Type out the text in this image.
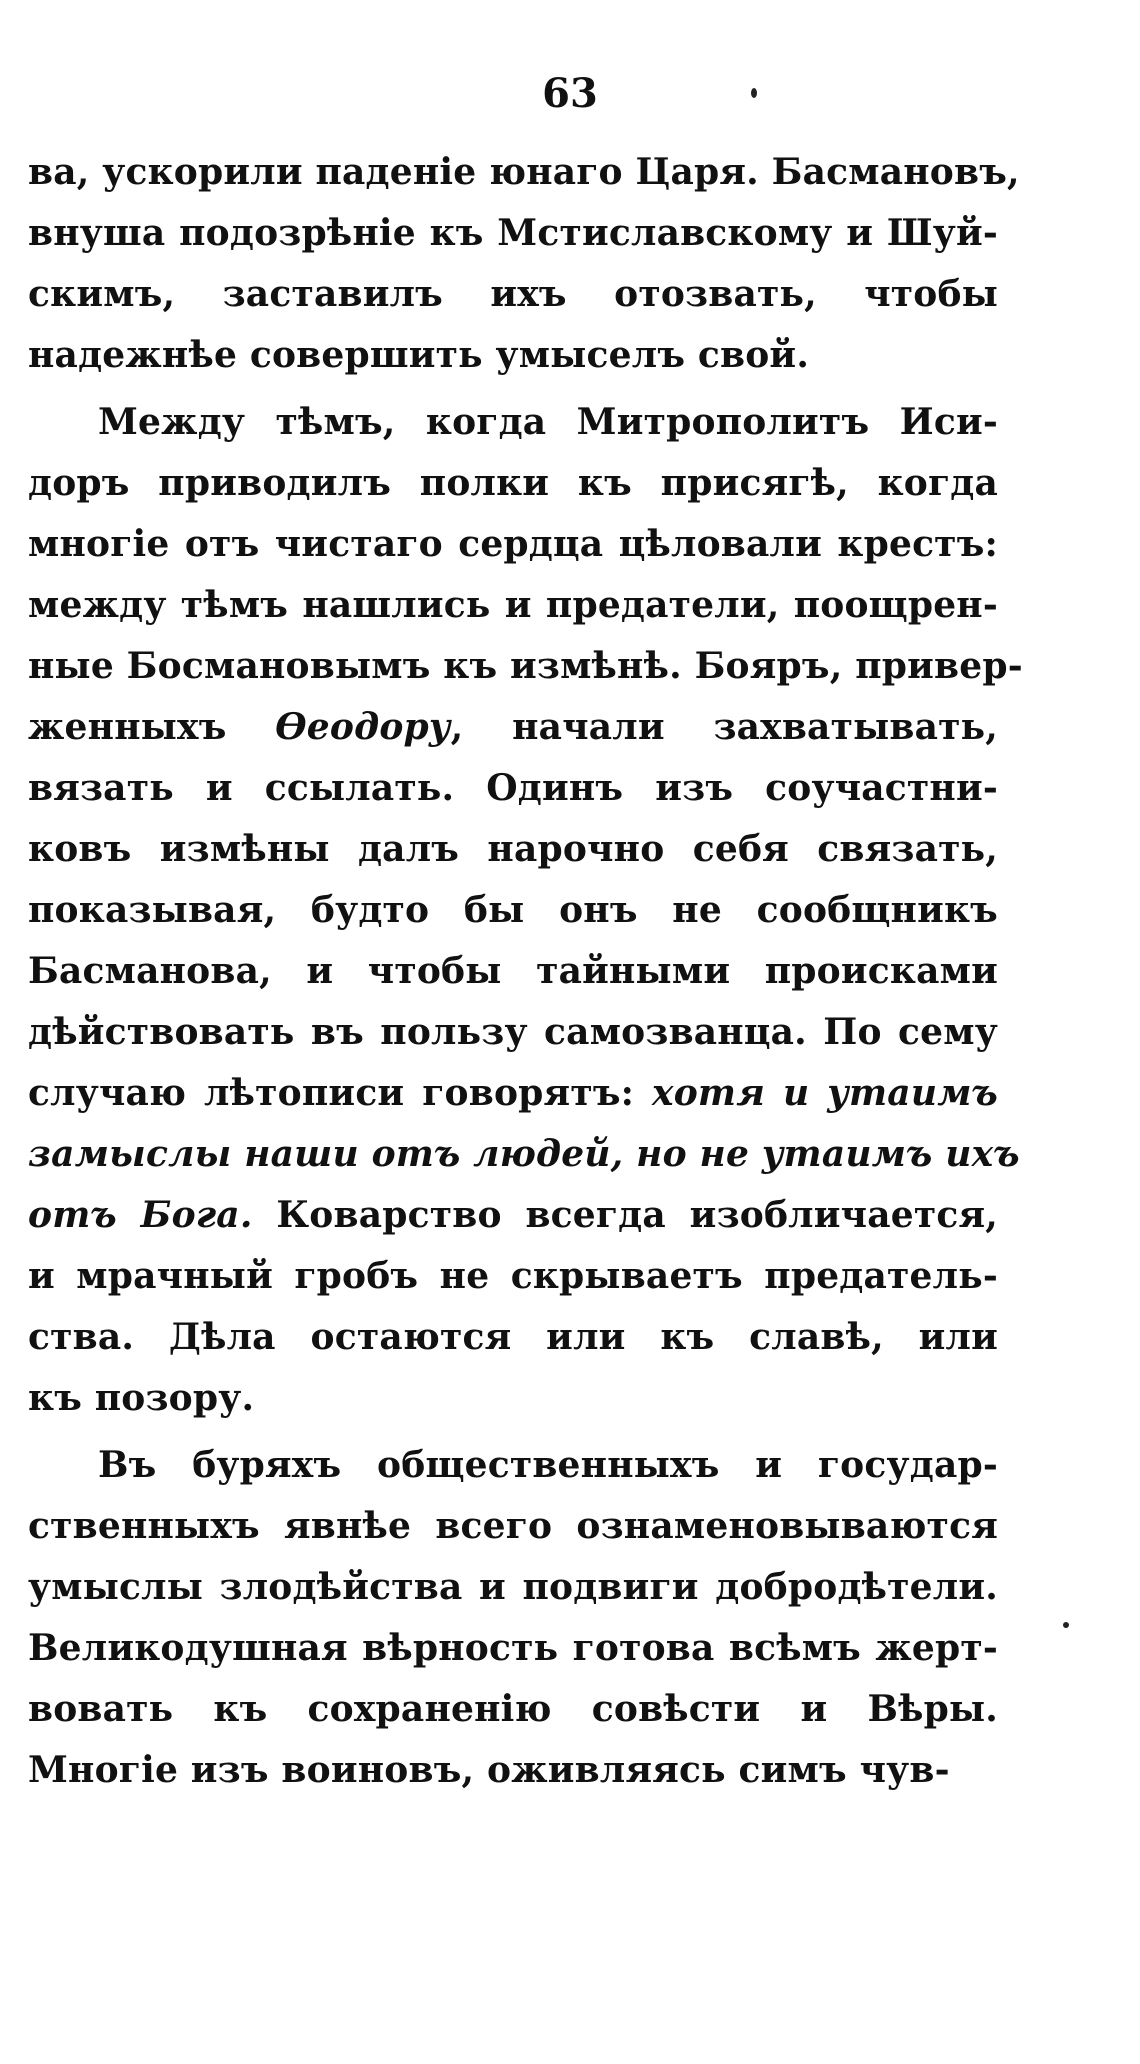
63
ва, ускорили паденіе юнаго Царя. Басмановъ,
внуша подозрѣніе къ Мстиславскому и Шуй-
скимъ, заставилъ ихъ отозвать, чтобы
надежнѣе совершить умыселъ свой.
Между тѣмъ, когда Митрополитъ Иси-
доръ приводилъ полки къ присягѣ, когда
многіе отъ чистаго сердца цѣловали крестъ:
между тѣмъ нашлись и предатели, поощрен-
ные Босмановымъ къ измѣнѣ. Бояръ, привер-
женныхъ Ѳеодору, начали захватывать,
вязать и ссылать. Одинъ изъ соучастни-
ковъ измѣны далъ нарочно себя связать,
показывая, будто бы онъ не сообщникъ
Басманова, и чтобы тайными происками
дѣйствовать въ пользу самозванца. По сему
случаю лѣтописи говорятъ: хотя и утаимъ
замыслы наши отъ людей, но не утаимъ ихъ
отъ Бога. Коварство всегда изобличается,
и мрачный гробъ не скрываетъ предатель-
ства. Дѣла остаются или къ славѣ, или
къ позору.
Въ буряхъ общественныхъ и государ-
ственныхъ явнѣе всего ознаменовываются
умыслы злодѣйства и подвиги добродѣтели.
Великодушная вѣрность готова всѣмъ жерт-
вовать къ сохраненію совѣсти и Вѣры.
Многіе изъ воиновъ, оживляясь симъ чув-
